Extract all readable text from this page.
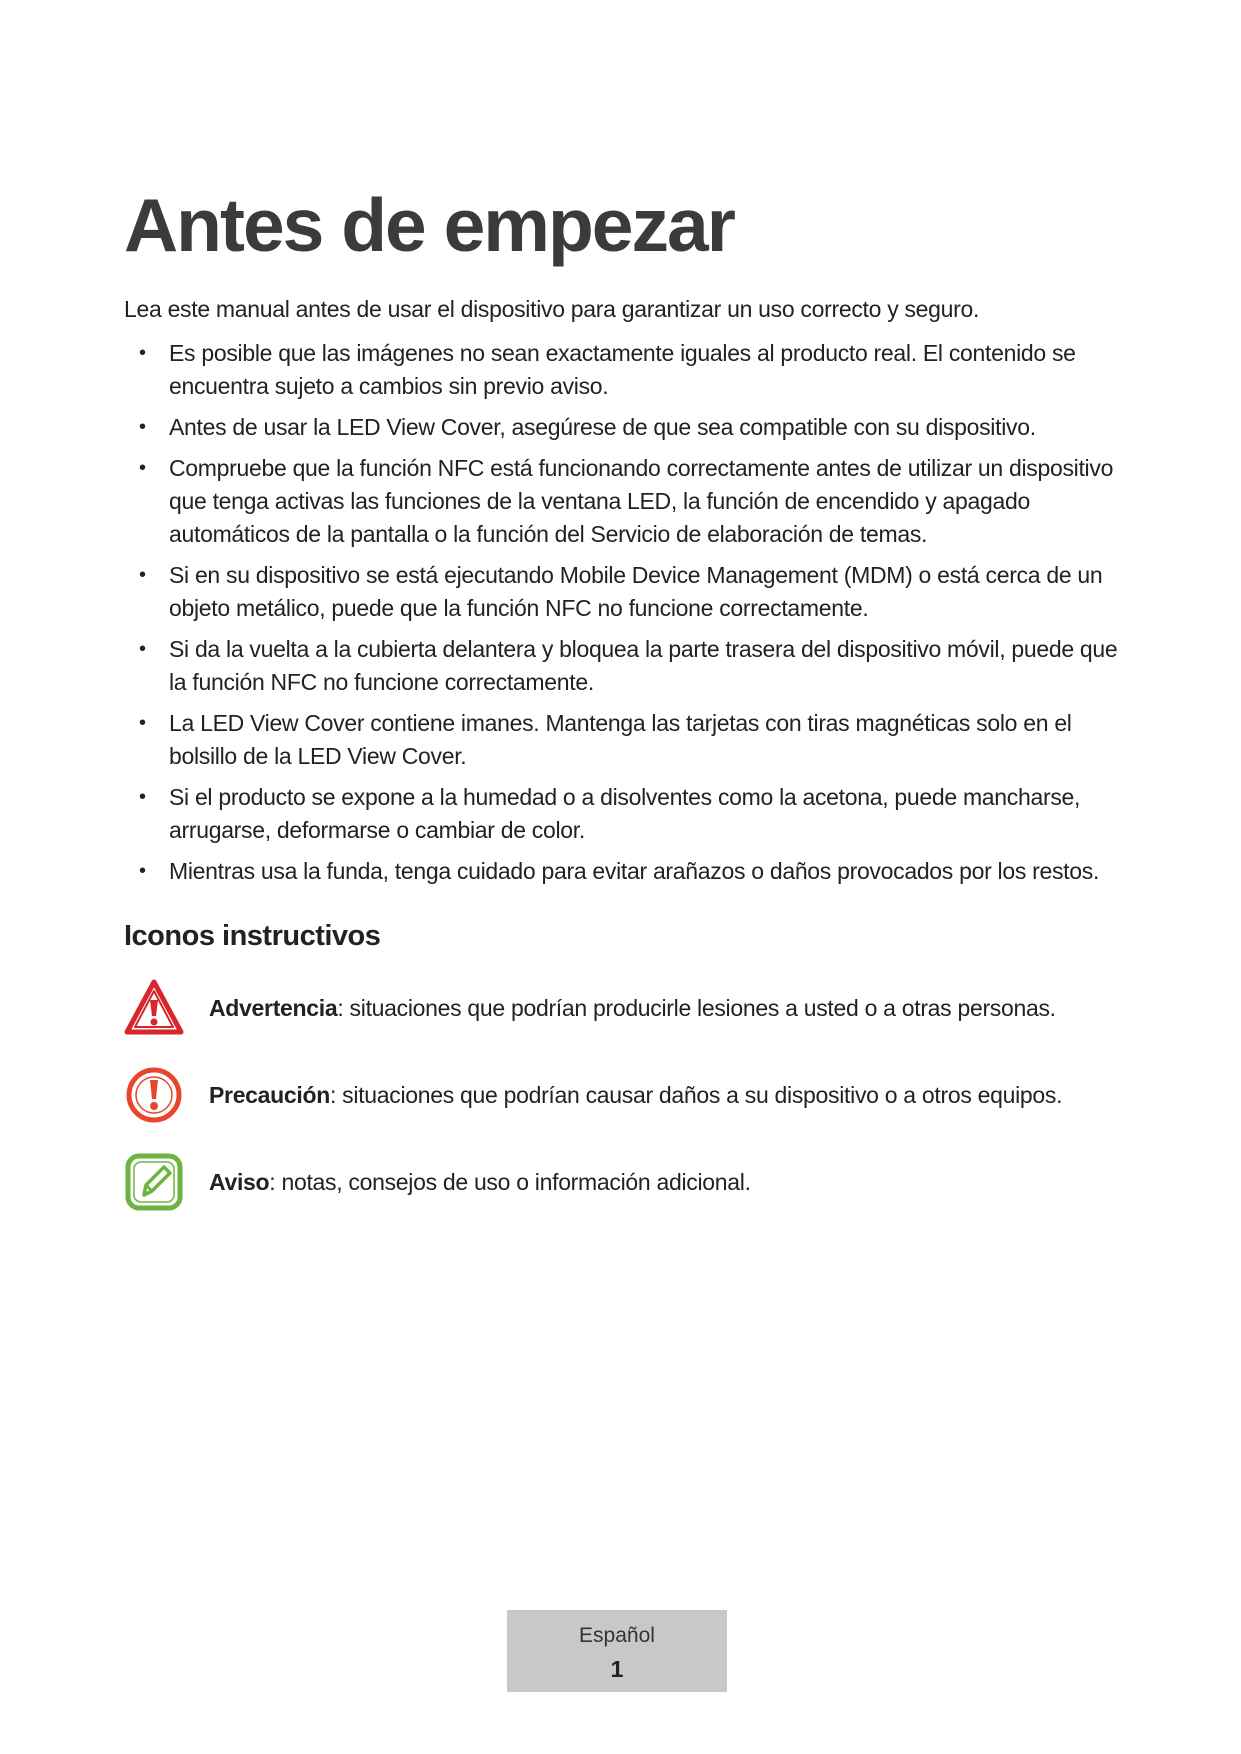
Antes de empezar

Lea este manual antes de usar el dispositivo para garantizar un uso correcto y seguro.

• Es posible que las imágenes no sean exactamente iguales al producto real. El contenido se encuentra sujeto a cambios sin previo aviso.
• Antes de usar la LED View Cover, asegúrese de que sea compatible con su dispositivo.
• Compruebe que la función NFC está funcionando correctamente antes de utilizar un dispositivo que tenga activas las funciones de la ventana LED, la función de encendido y apagado automáticos de la pantalla o la función del Servicio de elaboración de temas.
• Si en su dispositivo se está ejecutando Mobile Device Management (MDM) o está cerca de un objeto metálico, puede que la función NFC no funcione correctamente.
• Si da la vuelta a la cubierta delantera y bloquea la parte trasera del dispositivo móvil, puede que la función NFC no funcione correctamente.
• La LED View Cover contiene imanes. Mantenga las tarjetas con tiras magnéticas solo en el bolsillo de la LED View Cover.
• Si el producto se expone a la humedad o a disolventes como la acetona, puede mancharse, arrugarse, deformarse o cambiar de color.
• Mientras usa la funda, tenga cuidado para evitar arañazos o daños provocados por los restos.
Iconos instructivos
Advertencia: situaciones que podrían producirle lesiones a usted o a otras personas.
Precaución: situaciones que podrían causar daños a su dispositivo o a otros equipos.
Aviso: notas, consejos de uso o información adicional.
Español
1
